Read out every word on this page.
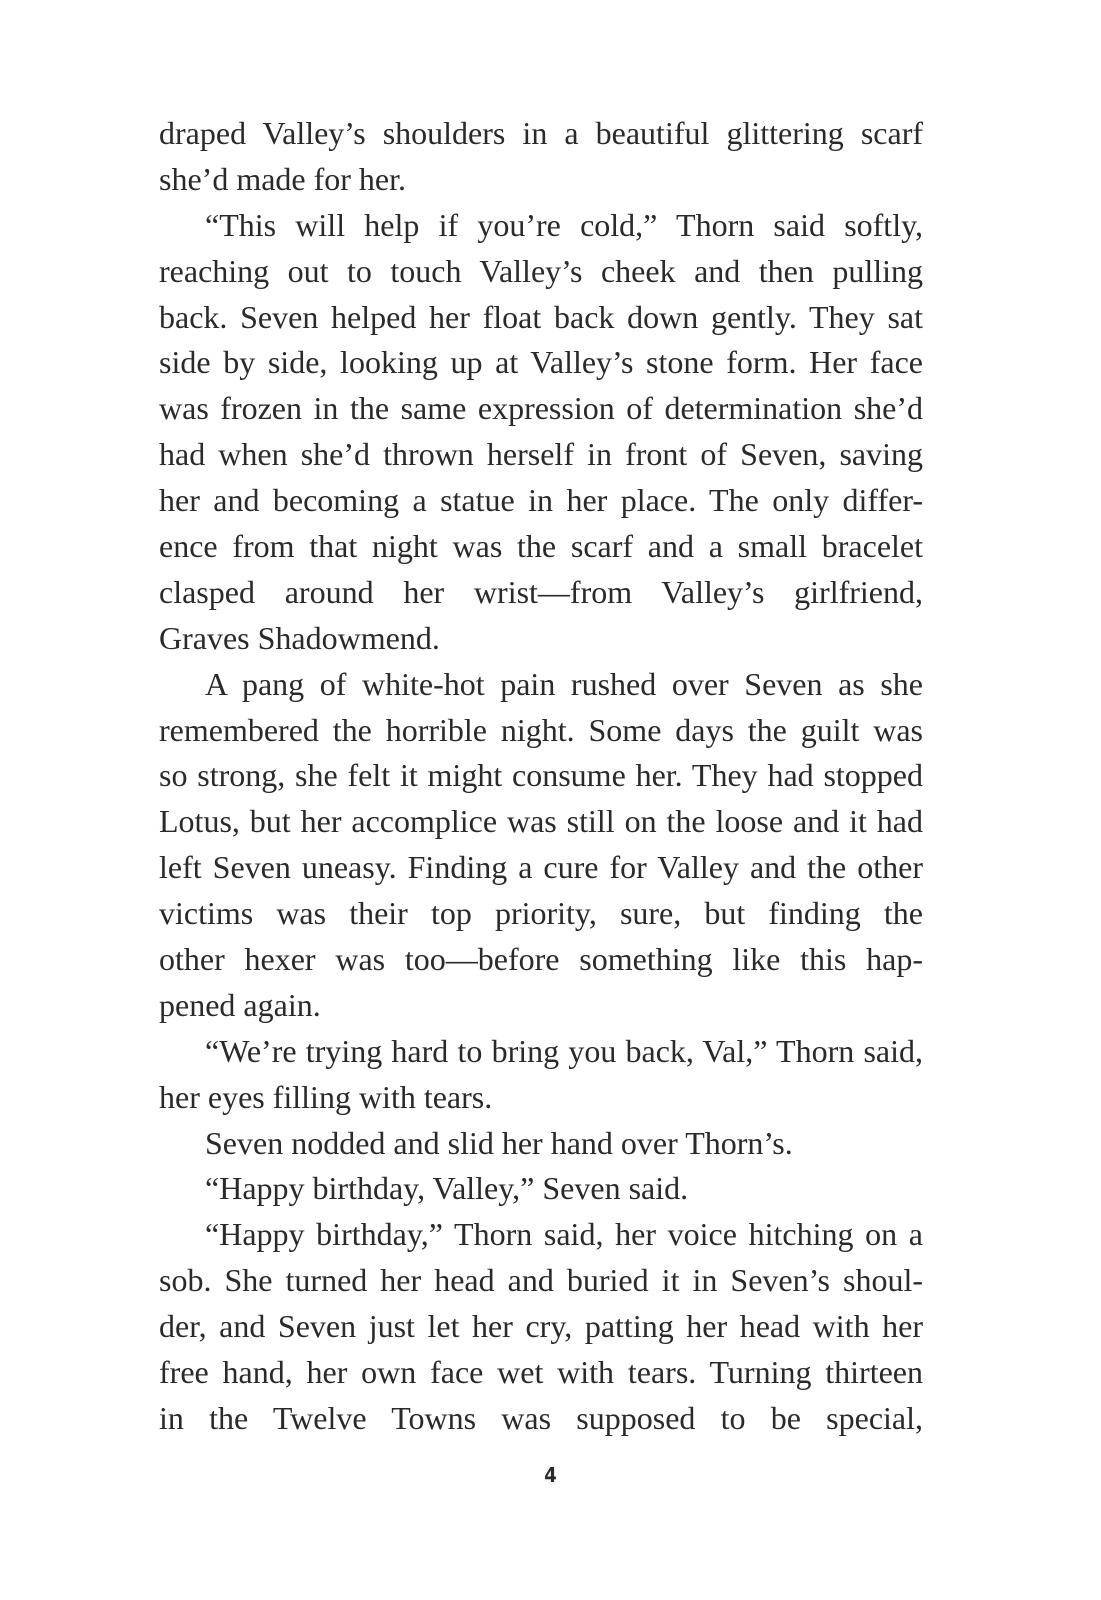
draped Valley’s shoulders in a beautiful glittering scarf
she’d made for her.
“This will help if you’re cold,” Thorn said softly,
reaching out to touch Valley’s cheek and then pulling
back. Seven helped her float back down gently. They sat
side by side, looking up at Valley’s stone form. Her face
was frozen in the same expression of determination she’d
had when she’d thrown herself in front of Seven, saving
her and becoming a statue in her place. The only differ-
ence from that night was the scarf and a small bracelet
clasped around her wrist—from Valley’s girlfriend,
Graves Shadowmend.
A pang of white-hot pain rushed over Seven as she
remembered the horrible night. Some days the guilt was
so strong, she felt it might consume her. They had stopped
Lotus, but her accomplice was still on the loose and it had
left Seven uneasy. Finding a cure for Valley and the other
victims was their top priority, sure, but finding the
other hexer was too—before something like this hap-
pened again.
“We’re trying hard to bring you back, Val,” Thorn said,
her eyes filling with tears.
Seven nodded and slid her hand over Thorn’s.
“Happy birthday, Valley,” Seven said.
“Happy birthday,” Thorn said, her voice hitching on a
sob. She turned her head and buried it in Seven’s shoul-
der, and Seven just let her cry, patting her head with her
free hand, her own face wet with tears. Turning thirteen
in the Twelve Towns was supposed to be special,
4
